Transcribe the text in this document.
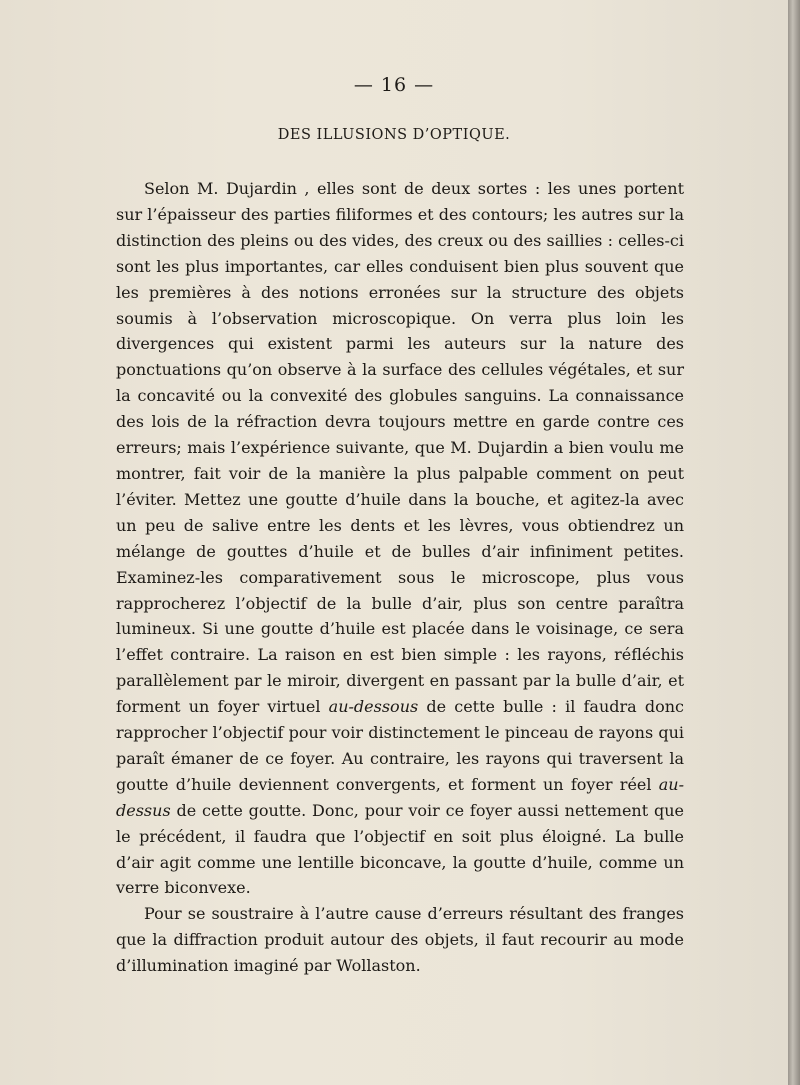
— 16 —
DES ILLUSIONS D’OPTIQUE.

Selon M. Dujardin , elles sont de deux sortes : les unes portent sur l’épaisseur des parties filiformes et des contours; les autres sur la distinction des pleins ou des vides, des creux ou des saillies : celles-ci sont les plus importantes, car elles conduisent bien plus souvent que les premières à des notions erronées sur la structure des objets soumis à l’observation microscopique. On verra plus loin les divergences qui existent parmi les auteurs sur la nature des ponctuations qu’on observe à la surface des cellules végétales, et sur la concavité ou la convexité des globules sanguins. La connaissance des lois de la réfraction devra toujours mettre en garde contre ces erreurs; mais l’expérience suivante, que M. Dujardin a bien voulu me montrer, fait voir de la manière la plus palpable comment on peut l’éviter. Mettez une goutte d’huile dans la bouche, et agitez-la avec un peu de salive entre les dents et les lèvres, vous obtiendrez un mélange de gouttes d’huile et de bulles d’air infiniment petites. Examinez-les comparativement sous le microscope, plus vous rapprocherez l’objectif de la bulle d’air, plus son centre paraîtra lumineux. Si une goutte d’huile est placée dans le voisinage, ce sera l’effet contraire. La raison en est bien simple : les rayons, réfléchis parallèlement par le miroir, divergent en passant par la bulle d’air, et forment un foyer virtuel au-dessous de cette bulle : il faudra donc rapprocher l’objectif pour voir distinctement le pinceau de rayons qui paraît émaner de ce foyer. Au contraire, les rayons qui traversent la goutte d’huile deviennent convergents, et forment un foyer réel au-dessus de cette goutte. Donc, pour voir ce foyer aussi nettement que le précédent, il faudra que l’objectif en soit plus éloigné. La bulle d’air agit comme une lentille biconcave, la goutte d’huile, comme un verre biconvexe.

Pour se soustraire à l’autre cause d’erreurs résultant des franges que la diffraction produit autour des objets, il faut recourir au mode d’illumination imaginé par Wollaston.
